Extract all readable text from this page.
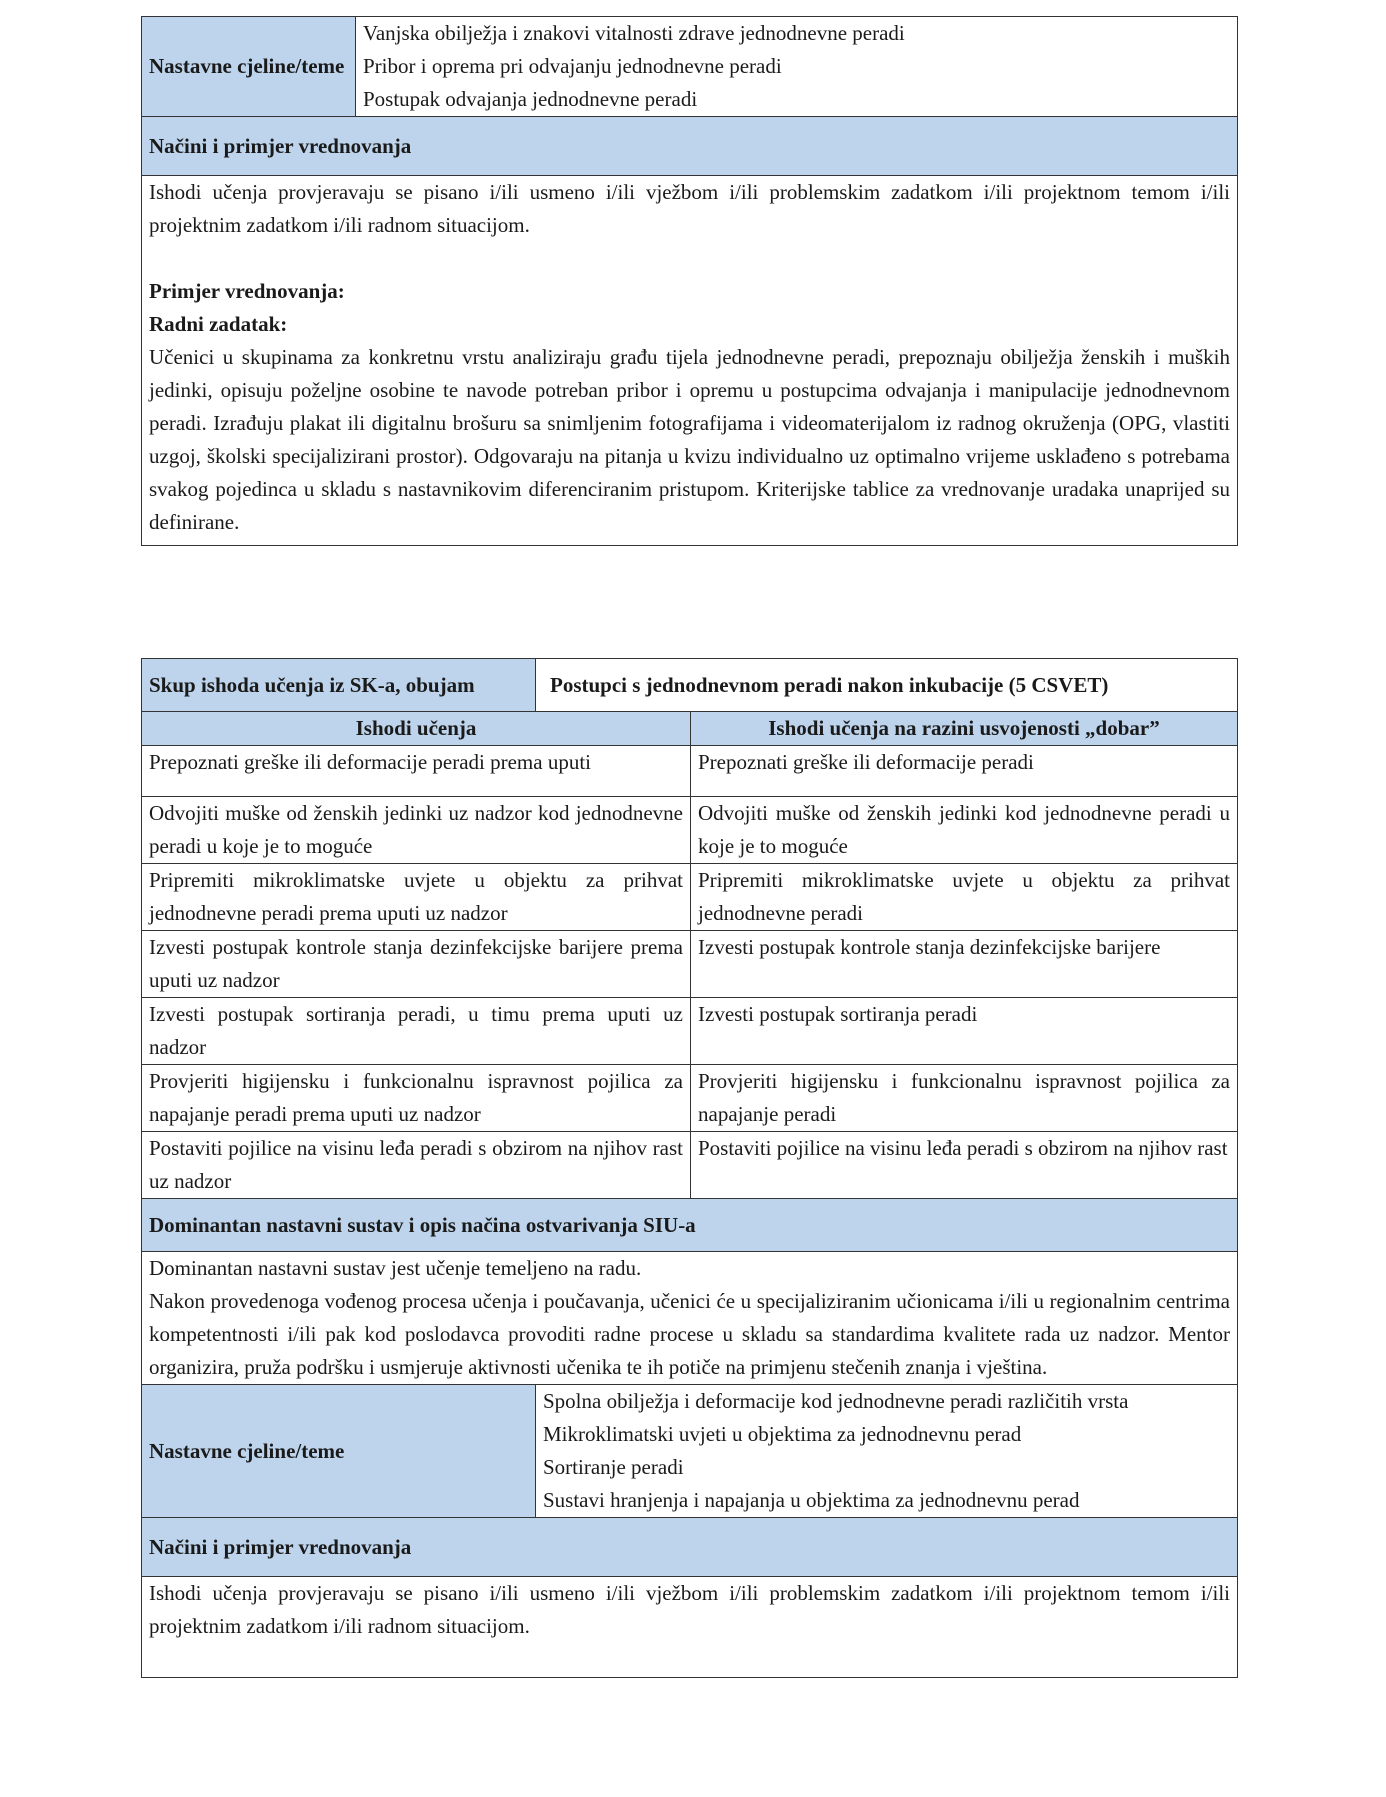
Nastavne cjeline/teme	
Vanjska obilježja i znakovi vitalnosti zdrave jednodnevne peradi
Pribor i oprema pri odvajanju jednodnevne peradi
Postupak odvajanja jednodnevne peradi

Načini i primjer vrednovanja

Ishodi učenja provjeravaju se pisano i/ili usmeno i/ili vježbom i/ili problemskim zadatkom i/ili projektnom temom i/ili projektnim zadatkom i/ili radnom situacijom.
Primjer vrednovanja:
Radni zadatak:
Učenici u skupinama za konkretnu vrstu analiziraju građu tijela jednodnevne peradi, prepoznaju obilježja ženskih i muških jedinki, opisuju poželjne osobine te navode potreban pribor i opremu u postupcima odvajanja i manipulacije jednodnevnom peradi. Izrađuju plakat ili digitalnu brošuru sa snimljenim fotografijama i videomaterijalom iz radnog okruženja (OPG, vlastiti uzgoj, školski specijalizirani prostor). Odgovaraju na pitanja u kvizu individualno uz optimalno vrijeme usklađeno s potrebama svakog pojedinca u skladu s nastavnikovim diferenciranim pristupom. Kriterijske tablice za vrednovanje uradaka unaprijed su definirane.
Skup ishoda učenja iz SK-a, obujam	Postupci s jednodnevnom peradi nakon inkubacije (5 CSVET)	
Ishodi učenja		Ishodi učenja na razini usvojenosti „dobar”
Prepoznati greške ili deformacije peradi prema uputi		Prepoznati greške ili deformacije peradi
Odvojiti muške od ženskih jedinki uz nadzor kod jednodnevne peradi u koje je to moguće		Odvojiti muške od ženskih jedinki kod jednodnevne peradi u koje je to moguće
Pripremiti mikroklimatske uvjete u objektu za prihvat jednodnevne peradi prema uputi uz nadzor		Pripremiti mikroklimatske uvjete u objektu za prihvat jednodnevne peradi
Izvesti postupak kontrole stanja dezinfekcijske barijere prema uputi uz nadzor		Izvesti postupak kontrole stanja dezinfekcijske barijere
Izvesti postupak sortiranja peradi, u timu prema uputi uz nadzor		Izvesti postupak sortiranja peradi
Provjeriti higijensku i funkcionalnu ispravnost pojilica za napajanje peradi prema uputi uz nadzor		Provjeriti higijensku i funkcionalnu ispravnost pojilica za napajanje peradi
Postaviti pojilice na visinu leđa peradi s obzirom na njihov rast uz nadzor		Postaviti pojilice na visinu leđa peradi s obzirom na njihov rast
Dominantan nastavni sustav i opis načina ostvarivanja SIU-a		

Dominantan nastavni sustav jest učenje temeljeno na radu.
Nakon provedenoga vođenog procesa učenja i poučavanja, učenici će u specijaliziranim učionicama i/ili u regionalnim centrima kompetentnosti i/ili pak kod poslodavca provoditi radne procese u skladu sa standardima kvalitete rada uz nadzor. Mentor organizira, pruža podršku i usmjeruje aktivnosti učenika te ih potiče na primjenu stečenih znanja i vještina.		

Nastavne cjeline/teme	Spolna obilježja i deformacije kod jednodnevne peradi različitih vrsta
Mikroklimatski uvjeti u objektima za jednodnevnu perad
Sortiranje peradi
Sustavi hranjenja i napajanja u objektima za jednodnevnu perad	

Načini i primjer vrednovanja		
Ishodi učenja provjeravaju se pisano i/ili usmeno i/ili vježbom i/ili problemskim zadatkom i/ili projektnom temom i/ili projektnim zadatkom i/ili radnom situacijom.		
